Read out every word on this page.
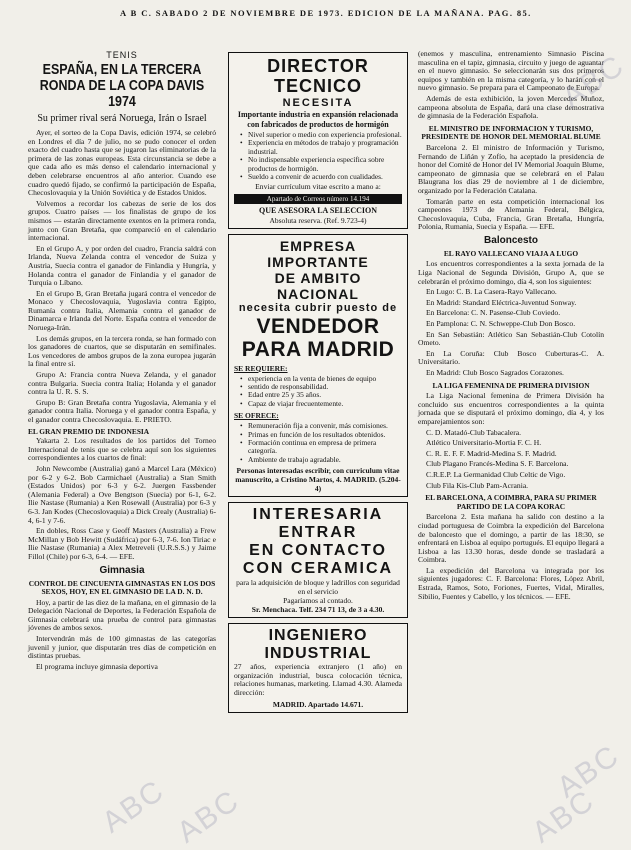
A B C. SABADO 2 DE NOVIEMBRE DE 1973. EDICION DE LA MAÑANA. PAG. 85.
TENIS
ESPAÑA, EN LA TERCERA RONDA DE LA COPA DAVIS 1974
Su primer rival será Noruega, Irán o Israel

Ayer, el sorteo de la Copa Davis, edición 1974, se celebró en Londres el día 7 de julio, no se pudo conocer el orden exacto del cuadro hasta que se jugaron las eliminatorias de la primera de las zonas europeas. Esta circunstancia se debe a que cada año es más denso el calendario internacional y deben celebrarse encuentros al año anterior. Cuando ese cuadro quedó fijado, se confirmó la participación de España, Checoslovaquia y la Unión Soviética y de Estados Unidos.

Volvemos a recordar los cabezas de serie de los dos grupos. Cuatro países — los finalistas de grupo de los mismos — estarán directamente exentos en la primera ronda, junto con Gran Bretaña, que compareció en el calendario internacional.

En el Grupo A, y por orden del cuadro, Francia saldrá con Irlanda, Nueva Zelanda contra el vencedor de Suiza y Austria, Suecia contra el ganador de Finlandia y Hungría, y Holanda contra el ganador de Finlandia y el ganador de Turquía o Líbano.

En el Grupo B, Gran Bretaña jugará contra el vencedor de Monaco y Checoslovaquia, Yugoslavia contra Egipto, Rumanía contra Italia, Alemania contra el ganador de Dinamarca e Irlanda del Norte. España contra el vencedor de Noruega-Irán.

Los demás grupos, en la tercera ronda, se han formado con los ganadores de cuartos, que se disputarán en semifinales. Los vencedores de ambos grupos de la zona europea jugarán la final entre sí.

Grupo A: Francia contra Nueva Zelanda, y el ganador contra Bulgaria. Suecia contra Italia; Holanda y el ganador contra la U. R. S. S.

Grupo B: Gran Bretaña contra Yugoslavia, Alemania y el ganador contra Italia. Noruega y el ganador contra España, y el ganador contra Checoslovaquia. E. PRIETO.

EL GRAN PREMIO DE INDONESIA

Yakarta 2. Los resultados de los partidos del Torneo Internacional de tenis que se celebra aquí son los siguientes correspondientes a los cuartos de final:

John Newcombe (Australia) ganó a Marcel Lara (México) por 6-2 y 6-2. Bob Carmichael (Australia) a Stan Smith (Estados Unidos) por 6-3 y 6-2. Juergen Fassbender (Alemania Federal) a Ove Bengtson (Suecia) por 6-1, 6-2. Ilie Nastase (Rumania) a Ken Rosewall (Australia) por 6-3 y 6-3. Jan Kodes (Checoslovaquia) a Dick Crealy (Australia) 6-4, 6-1 y 7-6.

En dobles, Ross Case y Geoff Masters (Australia) a Frew McMillan y Bob Hewitt (Sudáfrica) por 6-3, 7-6. Ion Tiriac e Ilie Nastase (Rumania) a Alex Metreveli (U.R.S.S.) y Jaime Fillol (Chile) por 6-3, 6-4. — EFE.

Gimnasia
CONTROL DE CINCUENTA GIMNASTAS EN LOS DOS SEXOS, HOY, EN EL GIMNASIO DE LA D. N. D.

Hoy, a partir de las diez de la mañana, en el gimnasio de la Delegación Nacional de Deportes, la Federación Española de Gimnasia celebrará una prueba de control para gimnastas jóvenes de ambos sexos.

Intervendrán más de 100 gimnastas de las categorías juvenil y junior, que disputarán tres días de competición en distintas pruebas.

El programa incluye gimnasia deportiva

DIRECTOR TECNICO
NECESITA
Importante industria en expansión relacionada con fabricados de productos de hormigón
• Nivel superior o medio con experiencia profesional.
• Experiencia en métodos de trabajo y programación industrial.
• No indispensable experiencia específica sobre productos de hormigón.
• Sueldo a convenir de acuerdo con cualidades.

Enviar currículum vitae escrito a mano a:

Apartado de Correos número 14.194
QUE ASESORA LA SELECCION
Absoluta reserva. (Ref. 9.723-4)
EMPRESA IMPORTANTE
DE AMBITO NACIONAL
necesita cubrir puesto de
VENDEDOR
PARA MADRID
SE REQUIERE:
• experiencia en la venta de bienes de equipo
• sentido de responsabilidad.
• Edad entre 25 y 35 años.
• Capaz de viajar frecuentemente.
SE OFRECE:
• Remuneración fija a convenir, más comisiones.
• Primas en función de los resultados obtenidos.
• Formación continua en empresa de primera categoría.
• Ambiente de trabajo agradable.
Personas interesadas escribir, con curriculum vitae manuscrito, a Cristino Martos, 4. MADRID. (5.204-4)
INTERESARIA
ENTRAR
EN CONTACTO
CON CERAMICA
para la adquisición de bloque y ladrillos con seguridad en el servicio
Pagaríamos al contado.
Sr. Menchaca. Telf. 234 71 13, de 3 a 4.30.
INGENIERO INDUSTRIAL

27 años, experiencia extranjero (1 año) en organización industrial, busca colocación técnica, relaciones humanas, marketing. Llamad 4.30. Alameda dirección:

MADRID. Apartado 14.671.

(enemos y masculina, entrenamiento Simnasio Piscina masculina en el tapiz, gimnasia, circuito y juego de aguantar en el nuevo gimnasio. Se seleccionarán sus dos primeros equipos y también en la misma categoría, y lo harán con el nuevo gimnasio. Se prepara para el Campeonato de Europa.

Además de esta exhibición, la joven Mercedes Muñoz, campeona absoluta de España, dará una clase demostrativa de gimnasia de la Federación Española.

EL MINISTRO DE INFORMACION Y TURISMO, PRESIDENTE DE HONOR DEL MEMORIAL BLUME

Barcelona 2. El ministro de Información y Turismo, Fernando de Liñán y Zofío, ha aceptado la presidencia de honor del Comité de Honor del IV Memorial Joaquín Blume, campeonato de gimnasia que se celebrará en el Palau Blaugrana los días 29 de noviembre al 1 de diciembre, organizado por la Federación Catalana.

Tomarán parte en esta competición internacional los campeones 1973 de Alemania Federal, Bélgica, Checoslovaquia, Cuba, Francia, Gran Bretaña, Hungría, Polonia, Rumania, Suecia y España. — EFE.

Baloncesto
EL RAYO VALLECANO VIAJA A LUGO

Los encuentros correspondientes a la sexta jornada de la Liga Nacional de Segunda División, Grupo A, que se celebrarán el próximo domingo, día 4, son los siguientes:

En Lugo: C. B. La Casera-Rayo Vallecano.

En Madrid: Standard Eléctrica-Juventud Sonway.

En Barcelona: C. N. Pasense-Club Coviedo.

En Pamplona: C. N. Schweppe-Club Don Bosco.

En San Sebastián: Atlético San Sebastián-Club Cotolín Ometo.

En La Coruña: Club Bosco Cuberturas-C. A. Universitario.

En Madrid: Club Bosco Sagrados Corazones.

LA LIGA FEMENINA DE PRIMERA DIVISION

La Liga Nacional femenina de Primera División ha concluido sus encuentros correspondientes a la quinta jornada que se disputará el próximo domingo, día 4, y los emparejamientos son:

C. D. Matadó-Club Tabacalera.

Atlético Universitario-Mortia F. C. H.

C. R. E. F. F. Madrid-Medina S. F. Madrid.

Club Plagano Francés-Medina S. F. Barcelona.

C.R.E.P. La Germanidad Club Celtic de Vigo.

Club Fila Kis-Club Pam-Acrania.

EL BARCELONA, A COIMBRA, PARA SU PRIMER PARTIDO DE LA COPA KORAC

Barcelona 2. Esta mañana ha salido con destino a la ciudad portuguesa de Coimbra la expedición del Barcelona de baloncesto que el domingo, a partir de las 18:30, se enfrentará en Lisboa al equipo portugués. El equipo llegará a Lisboa a las 13.30 horas, desde donde se trasladará a Coimbra.

La expedición del Barcelona va integrada por los siguientes jugadores: C. F. Barcelona: Flores, López Abril, Estrada, Ramos, Soto, Foriones, Fuertes, Vidal, Miralles, Sibilio, Fuentes y Cabello, y los técnicos. — EFE.

ABC ABC	ABC
ABC
ABC
